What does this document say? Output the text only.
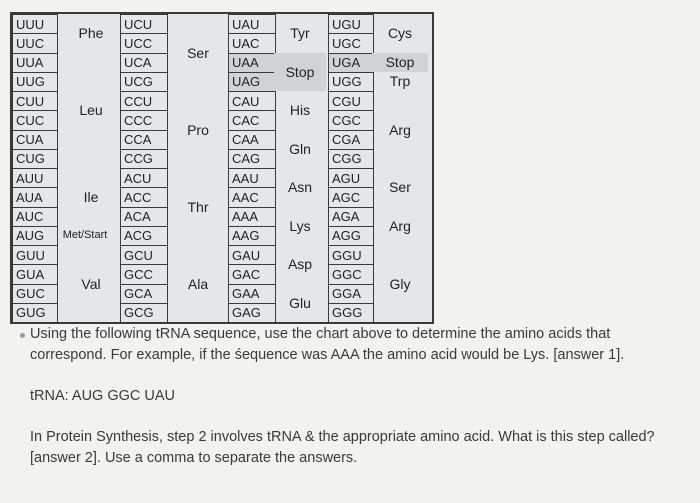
UUU
UUC
UUA
UUG
CUU
CUC
CUA
CUG
AUU
AUA
AUC
AUG
GUU
GUA
GUC
GUG
Phe
Leu
Ile
Met/Start
Val
UCU
UCC
UCA
UCG
CCU
CCC
CCA
CCG
ACU
ACC
ACA
ACG
GCU
GCC
GCA
GCG
Ser
Pro
Thr
Ala
UAU
UAC
UAA
UAG
CAU
CAC
CAA
CAG
AAU
AAC
AAA
AAG
GAU
GAC
GAA
GAG
Tyr
Stop
His
Gln
Asn
Lys
Asp
Glu
UGU
UGC
UGA
UGG
CGU
CGC
CGA
CGG
AGU
AGC
AGA
AGG
GGU
GGC
GGA
GGG
Cys
Stop
Trp
Arg
Ser
Arg
Gly

Using the following tRNA sequence, use the chart above to determine the amino acids that correspond. For example, if the śequence was AAA the amino acid would be Lys. [answer 1].

tRNA: AUG GGC UAU

In Protein Synthesis, step 2 involves tRNA & the appropriate amino acid. What is this step called? [answer 2]. Use a comma to separate the answers.
